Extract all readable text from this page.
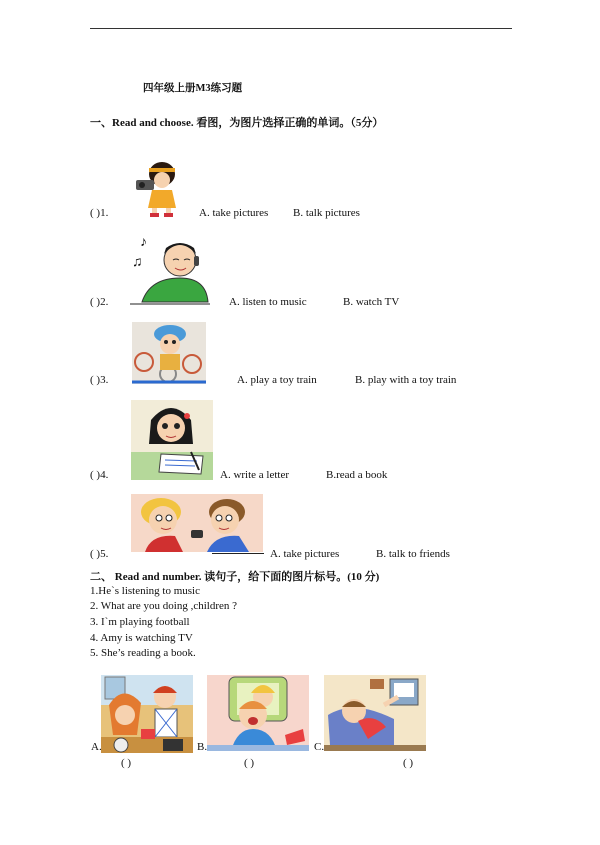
四年级上册M3练习题
一、Read and choose. 看图，为图片选择正确的单词。（5分）
( )1.	A. take pictures B. talk pictures
♪
♫
( )2.	A. listen to music	B. watch TV
( )3.	A. play a toy train	B. play with a toy train
( )4.	A. write a letter	B.read a book
( )5.	A. take pictures	B. talk to friends
二、 Read and number. 读句子，给下面的图片标号。(10 分)
1.He`s listening to music
2. What are you doing ,children ?
3. I`m playing football
4. Amy is watching TV
5. She’s reading a book.
A.	B.	C.
( )	( )	( )
